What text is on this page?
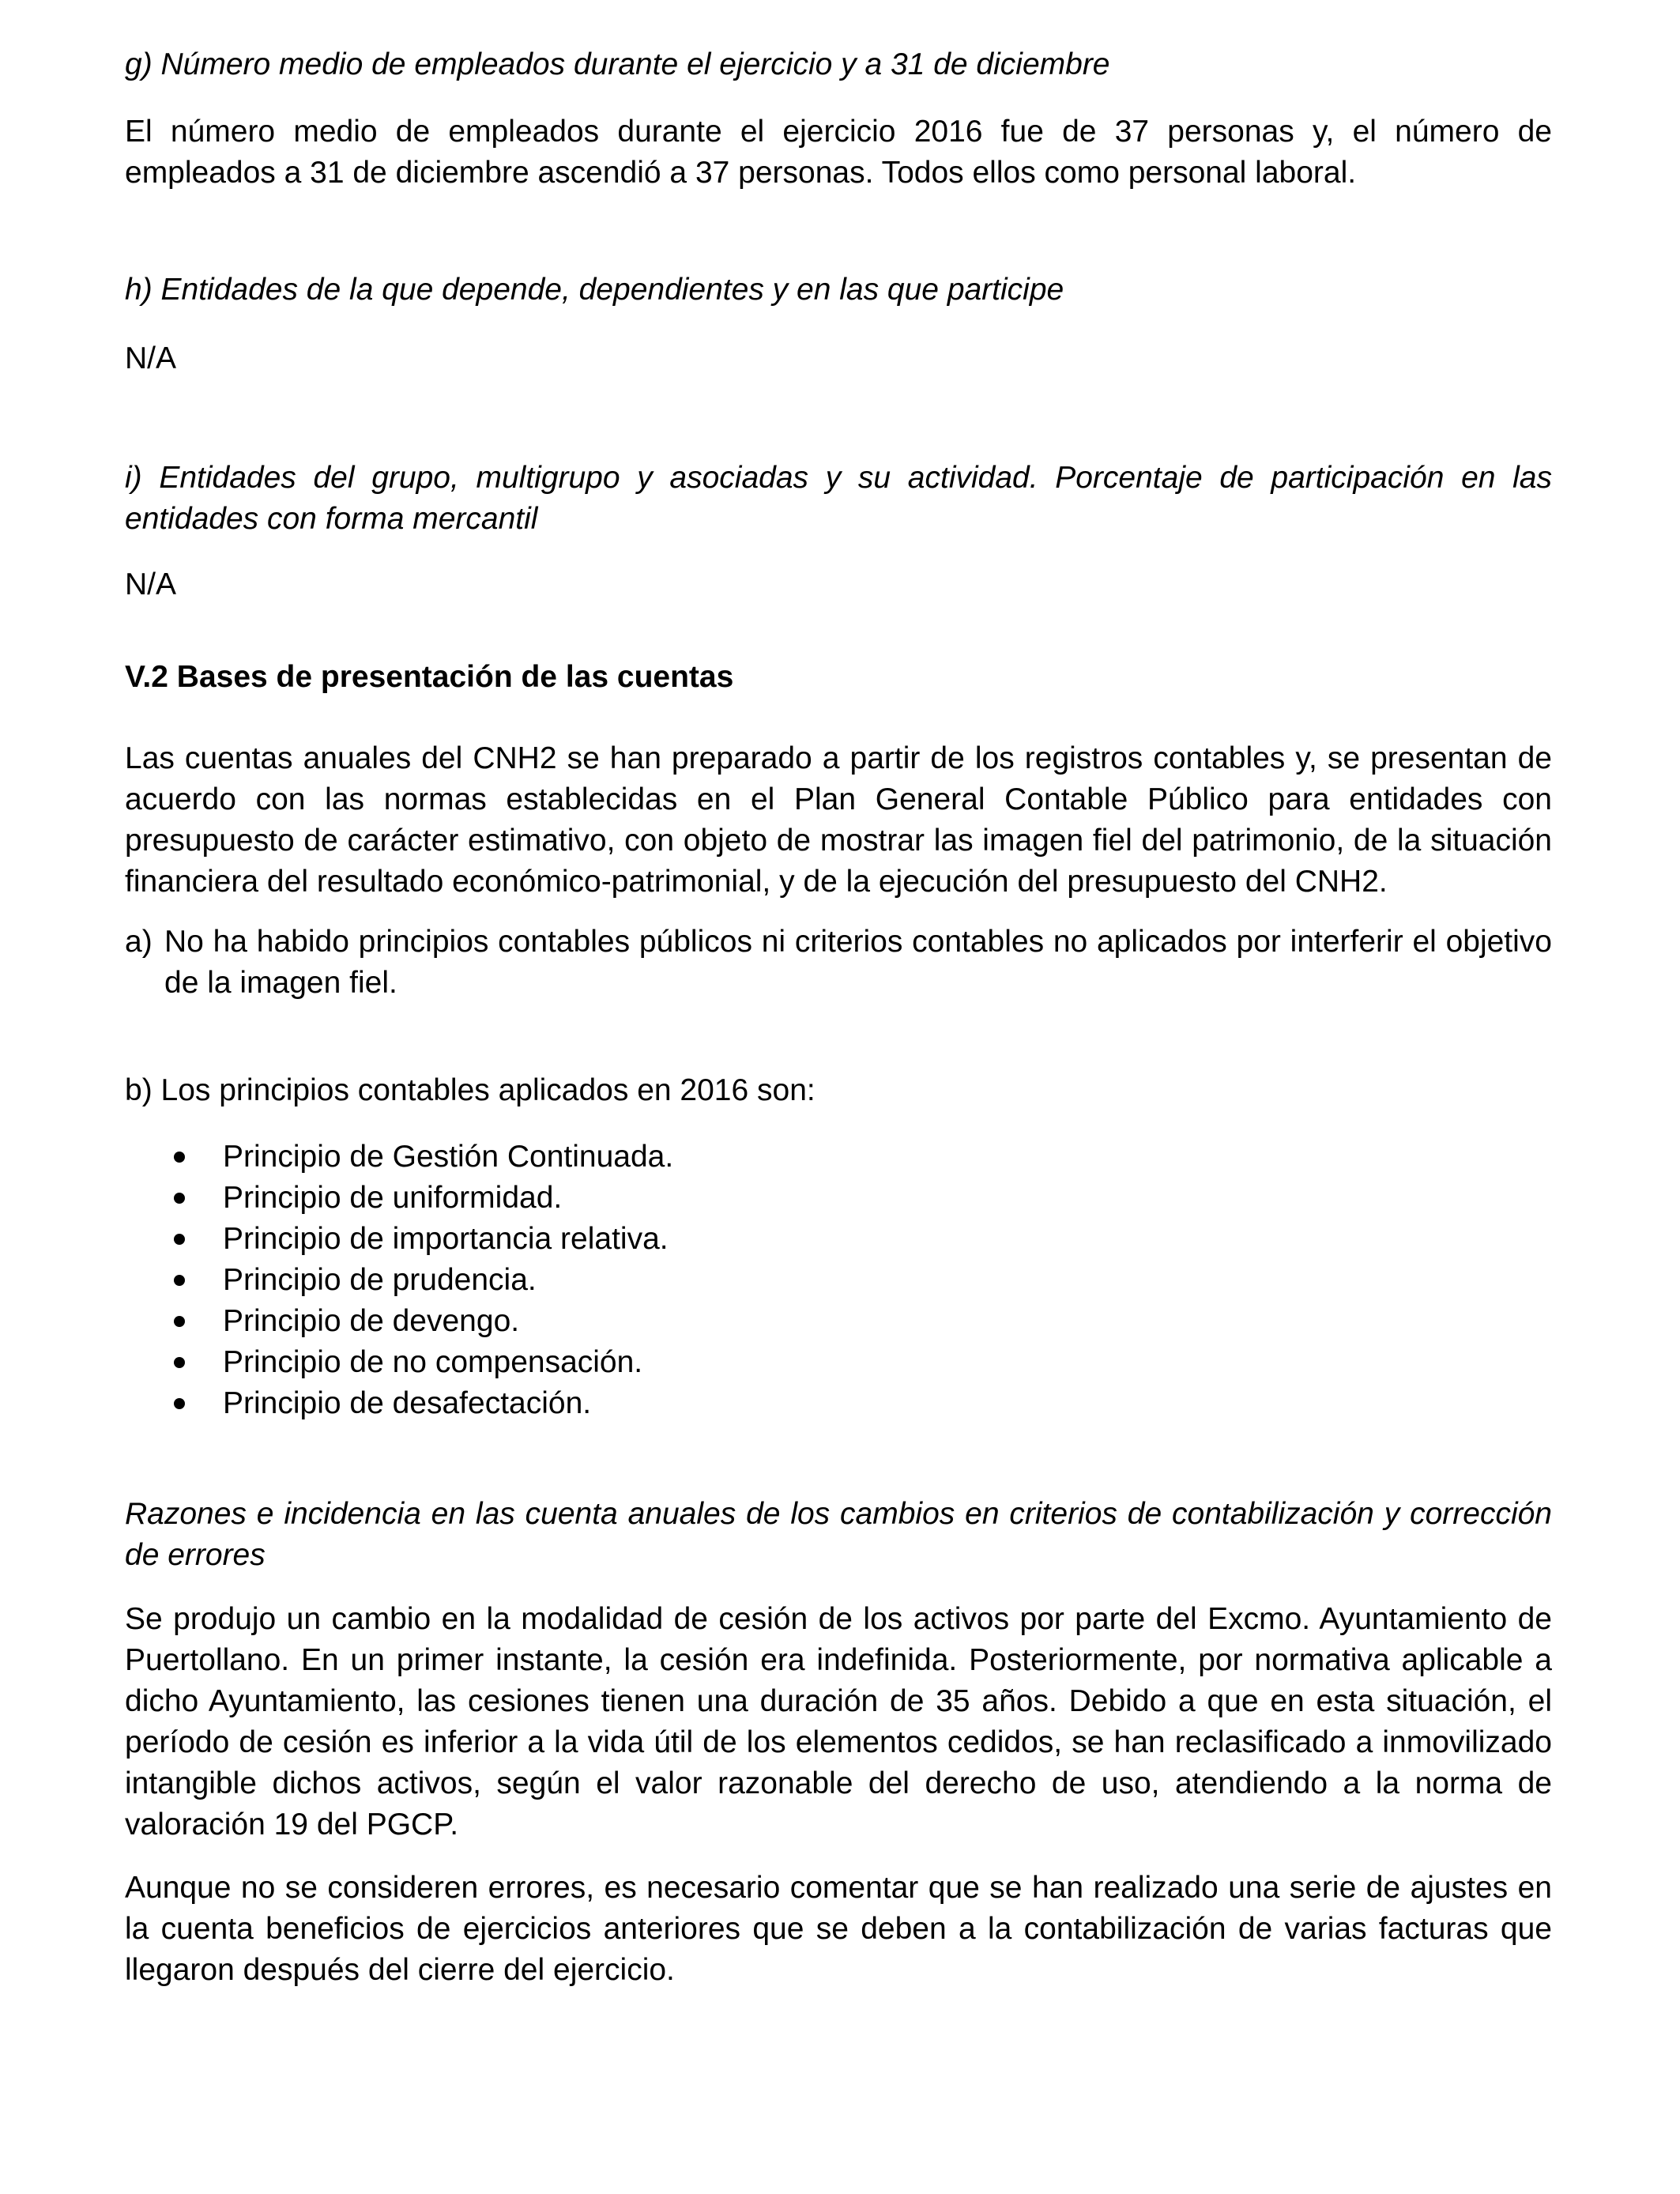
g) Número medio de empleados durante el ejercicio y a 31 de diciembre

El número medio de empleados durante el ejercicio 2016 fue de 37 personas y, el número de empleados a 31 de diciembre ascendió a 37 personas. Todos ellos como personal laboral.

h) Entidades de la que depende, dependientes y en las que participe

N/A

i) Entidades del grupo, multigrupo y asociadas y su actividad. Porcentaje de participación en las entidades con forma mercantil

N/A

V.2 Bases de presentación de las cuentas

Las cuentas anuales del CNH2 se han preparado a partir de los registros contables y, se presentan de acuerdo con las normas establecidas en el Plan General Contable Público para entidades con presupuesto de carácter estimativo, con objeto de mostrar las imagen fiel del patrimonio, de la situación financiera del resultado económico-patrimonial, y de la ejecución del presupuesto del CNH2.

a) No ha habido principios contables públicos ni criterios contables no aplicados por interferir el objetivo de la imagen fiel.

b) Los principios contables aplicados en 2016 son:

Principio de Gestión Continuada.
Principio de uniformidad.
Principio de importancia relativa.
Principio de prudencia.
Principio de devengo.
Principio de no compensación.
Principio de desafectación.

Razones e incidencia en las cuenta anuales de los cambios en criterios de contabilización y corrección de errores

Se produjo un cambio en la modalidad de cesión de los activos por parte del Excmo. Ayuntamiento de Puertollano. En un primer instante, la cesión era indefinida. Posteriormente, por normativa aplicable a dicho Ayuntamiento, las cesiones tienen una duración de 35 años. Debido a que en esta situación, el período de cesión es inferior a la vida útil de los elementos cedidos, se han reclasificado a inmovilizado intangible dichos activos, según el valor razonable del derecho de uso, atendiendo a la norma de valoración 19 del PGCP.

Aunque no se consideren errores, es necesario comentar que se han realizado una serie de ajustes en la cuenta beneficios de ejercicios anteriores que se deben a la contabilización de varias facturas que llegaron después del cierre del ejercicio.
